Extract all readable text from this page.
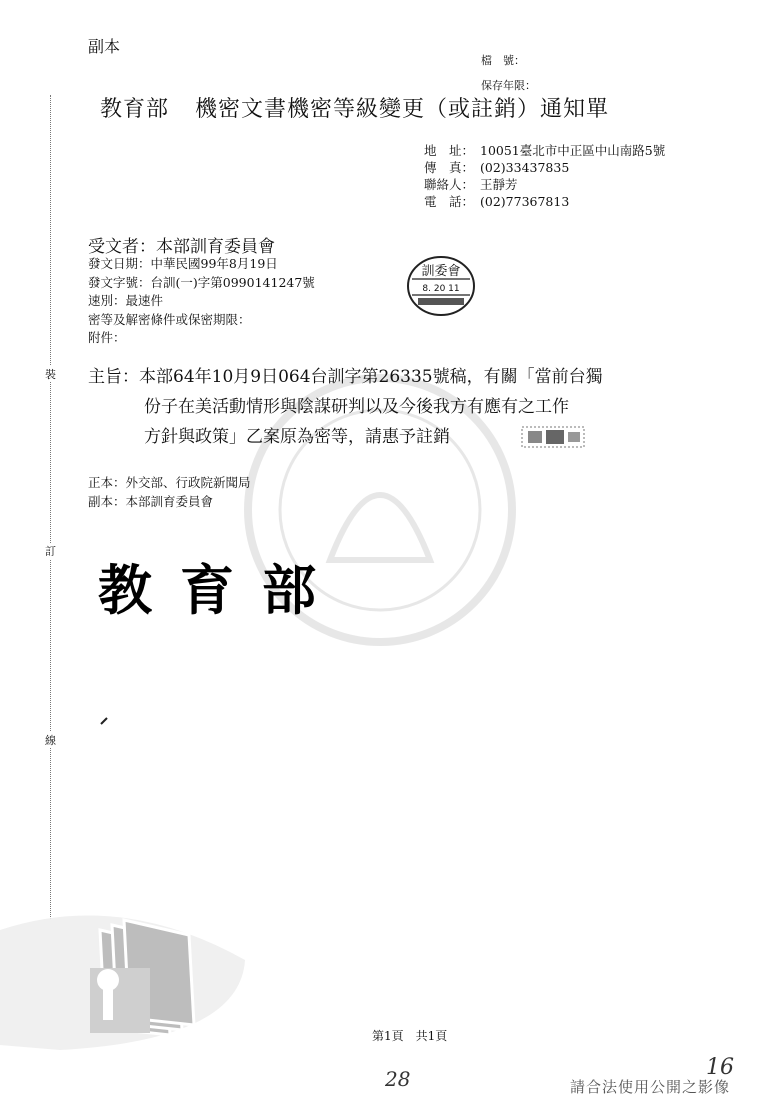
裝
訂
線
副本
檔　號：
保存年限：
教育部 機密文書機密等級變更（或註銷）通知單
地　址： 10051臺北市中正區中山南路5號
傳　真： (02)33437835
聯絡人： 王靜芳
電　話： (02)77367813
受文者：本部訓育委員會
發文日期：中華民國99年8月19日
發文字號：台訓(一)字第0990141247號
速別：最速件
密等及解密條件或保密期限：
附件：
訓委會
8. 20 11
主旨：本部64年10月9日064台訓字第26335號稿，有關「當前台獨
份子在美活動情形與陰謀研判以及今後我方有應有之工作
方針與政策」乙案原為密等，請惠予註銷
正本：外交部、行政院新聞局
副本：本部訓育委員會
教育部
第1頁　共1頁
28	16
請合法使用公開之影像
